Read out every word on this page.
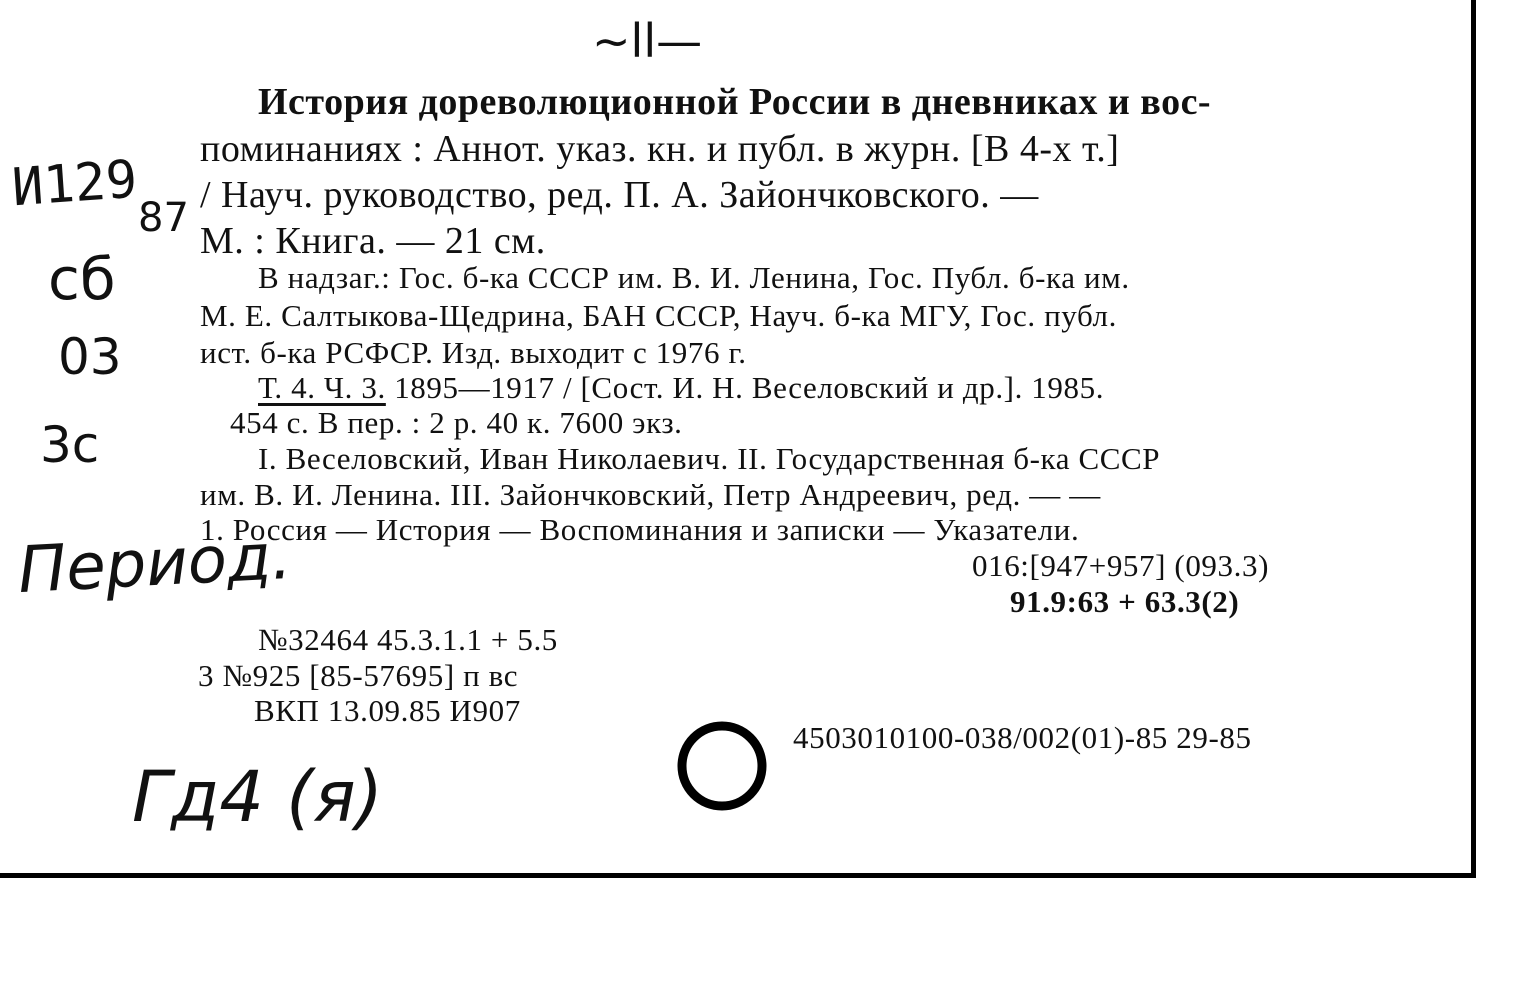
~ll—
История дореволюционной России в дневниках и вос-
поминаниях : Аннот. указ. кн. и публ. в журн. [В 4-х т.]
/ Науч. руководство, ред. П. А. Зайончковского. —
М. : Книга. — 21 см.
В надзаг.: Гос. б-ка СССР им. В. И. Ленина, Гос. Публ. б-ка им.
М. Е. Салтыкова-Щедрина, БАН СССР, Науч. б-ка МГУ, Гос. публ.
ист. б-ка РСФСР. Изд. выходит с 1976 г.
Т. 4. Ч. 3. 1895—1917 / [Сост. И. Н. Веселовский и др.]. 1985.
454 с. В пер. : 2 р. 40 к. 7600 экз.
I. Веселовский, Иван Николаевич. II. Государственная б-ка СССР
им. В. И. Ленина. III. Зайончковский, Петр Андреевич, ред. — —
1. Россия — История — Воспоминания и записки — Указатели.
016:[947+957] (093.3)
91.9:63 + 63.3(2)
№32464 45.3.1.1 + 5.5
3 №925 [85-57695] п вс
ВКП 13.09.85 И907
4503010100-038/002(01)-85 29-85
И129
87
сб
03
3с
Период.
Гд4 (я)
